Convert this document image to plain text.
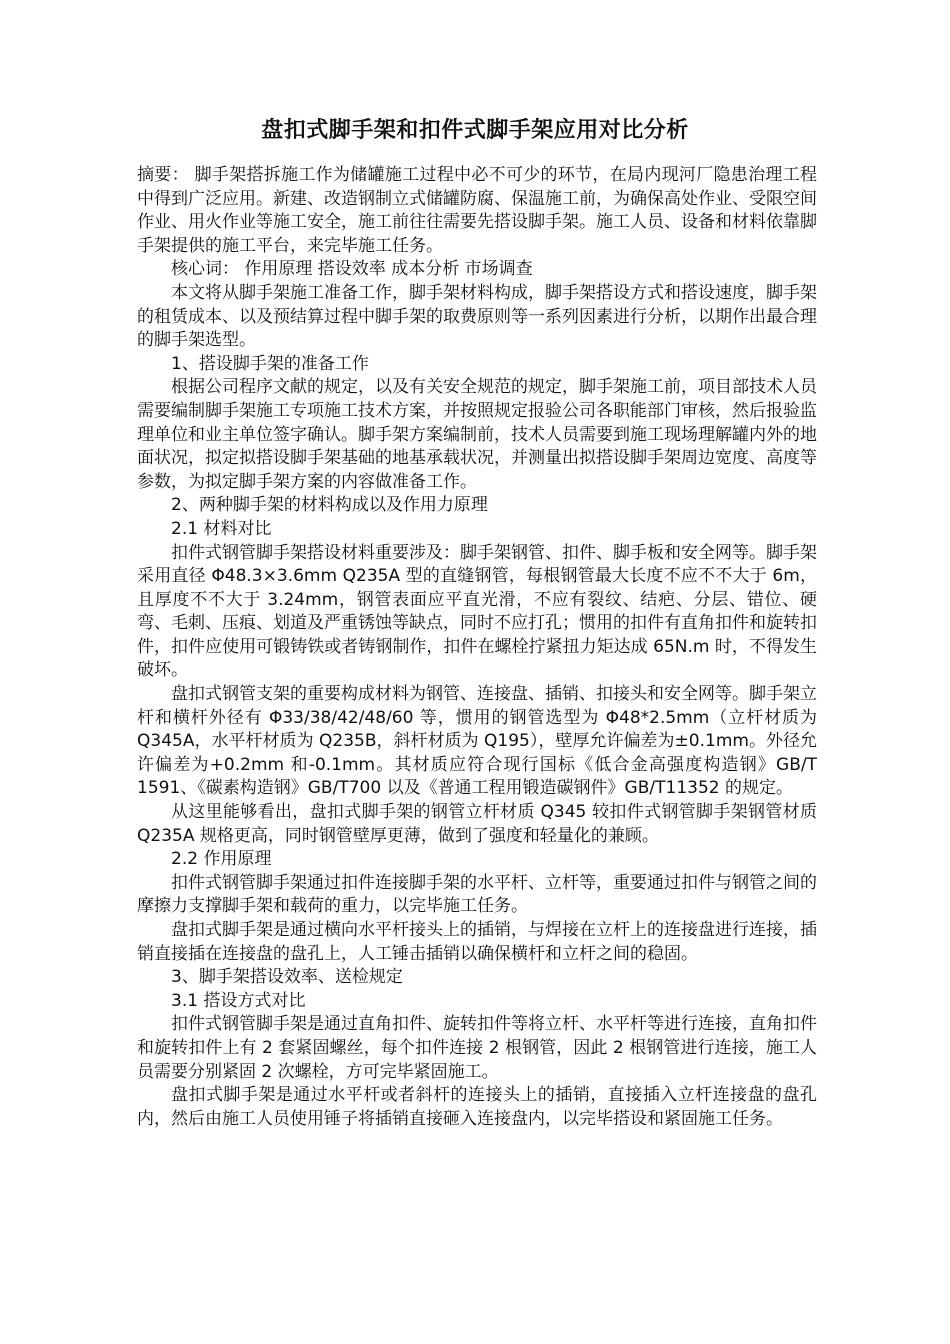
盘扣式脚手架和扣件式脚手架应用对比分析

摘要： 脚手架搭拆施工作为储罐施工过程中必不可少的环节，在局内现河厂隐患治理工程中得到广泛应用。新建、改造钢制立式储罐防腐、保温施工前，为确保高处作业、受限空间作业、用火作业等施工安全，施工前往往需要先搭设脚手架。施工人员、设备和材料依靠脚手架提供的施工平台，来完毕施工任务。

核心词： 作用原理 搭设效率 成本分析 市场调查

本文将从脚手架施工准备工作，脚手架材料构成，脚手架搭设方式和搭设速度，脚手架的租赁成本、以及预结算过程中脚手架的取费原则等一系列因素进行分析，以期作出最合理的脚手架选型。

1、搭设脚手架的准备工作

根据公司程序文献的规定，以及有关安全规范的规定，脚手架施工前，项目部技术人员需要编制脚手架施工专项施工技术方案，并按照规定报验公司各职能部门审核，然后报验监理单位和业主单位签字确认。脚手架方案编制前，技术人员需要到施工现场理解罐内外的地面状况，拟定拟搭设脚手架基础的地基承载状况，并测量出拟搭设脚手架周边宽度、高度等参数，为拟定脚手架方案的内容做准备工作。

2、两种脚手架的材料构成以及作用力原理

2.1 材料对比

扣件式钢管脚手架搭设材料重要涉及：脚手架钢管、扣件、脚手板和安全网等。脚手架采用直径 Φ48.3×3.6mm Q235A 型的直缝钢管，每根钢管最大长度不应不不大于 6m，且厚度不不大于 3.24mm，钢管表面应平直光滑，不应有裂纹、结疤、分层、错位、硬弯、毛刺、压痕、划道及严重锈蚀等缺点，同时不应打孔；惯用的扣件有直角扣件和旋转扣件，扣件应使用可锻铸铁或者铸钢制作，扣件在螺栓拧紧扭力矩达成 65N.m 时，不得发生破坏。

盘扣式钢管支架的重要构成材料为钢管、连接盘、插销、扣接头和安全网等。脚手架立杆和横杆外径有 Φ33/38/42/48/60 等，惯用的钢管选型为 Φ48*2.5mm（立杆材质为 Q345A，水平杆材质为 Q235B，斜杆材质为 Q195），壁厚允许偏差为±0.1mm。外径允许偏差为+0.2mm 和-0.1mm。其材质应符合现行国标《低合金高强度构造钢》GB/T 1591、《碳素构造钢》GB/T700 以及《普通工程用锻造碳钢件》GB/T11352 的规定。

从这里能够看出，盘扣式脚手架的钢管立杆材质 Q345 较扣件式钢管脚手架钢管材质 Q235A 规格更高，同时钢管壁厚更薄，做到了强度和轻量化的兼顾。

2.2 作用原理

扣件式钢管脚手架通过扣件连接脚手架的水平杆、立杆等，重要通过扣件与钢管之间的摩擦力支撑脚手架和载荷的重力，以完毕施工任务。

盘扣式脚手架是通过横向水平杆接头上的插销，与焊接在立杆上的连接盘进行连接，插销直接插在连接盘的盘孔上，人工锤击插销以确保横杆和立杆之间的稳固。

3、脚手架搭设效率、送检规定

3.1 搭设方式对比

扣件式钢管脚手架是通过直角扣件、旋转扣件等将立杆、水平杆等进行连接，直角扣件和旋转扣件上有 2 套紧固螺丝，每个扣件连接 2 根钢管，因此 2 根钢管进行连接，施工人员需要分别紧固 2 次螺栓，方可完毕紧固施工。

盘扣式脚手架是通过水平杆或者斜杆的连接头上的插销，直接插入立杆连接盘的盘孔内，然后由施工人员使用锤子将插销直接砸入连接盘内，以完毕搭设和紧固施工任务。
